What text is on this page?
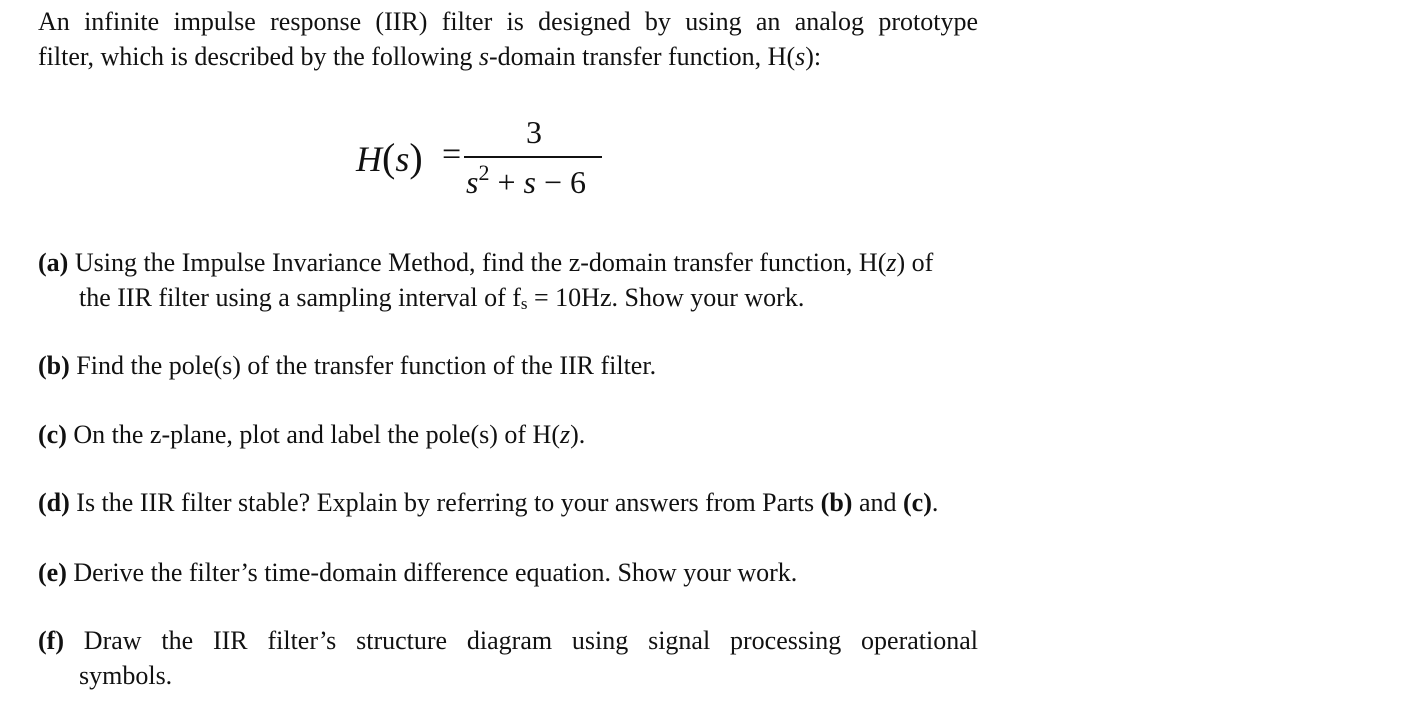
An infinite impulse response (IIR) filter is designed by using an analog prototype
filter, which is described by the following s-domain transfer function, H(s):
H(s) =
3
$s^2 + s - 6$
(a) Using the Impulse Invariance Method, find the z-domain transfer function, H(z) of
the IIR filter using a sampling interval of fs = 10Hz. Show your work.
(b) Find the pole(s) of the transfer function of the IIR filter.
(c) On the z-plane, plot and label the pole(s) of H(z).
(d) Is the IIR filter stable? Explain by referring to your answers from Parts (b) and (c).
(e) Derive the filter’s time-domain difference equation. Show your work.
(f) Draw the IIR filter’s structure diagram using signal processing operational
symbols.
